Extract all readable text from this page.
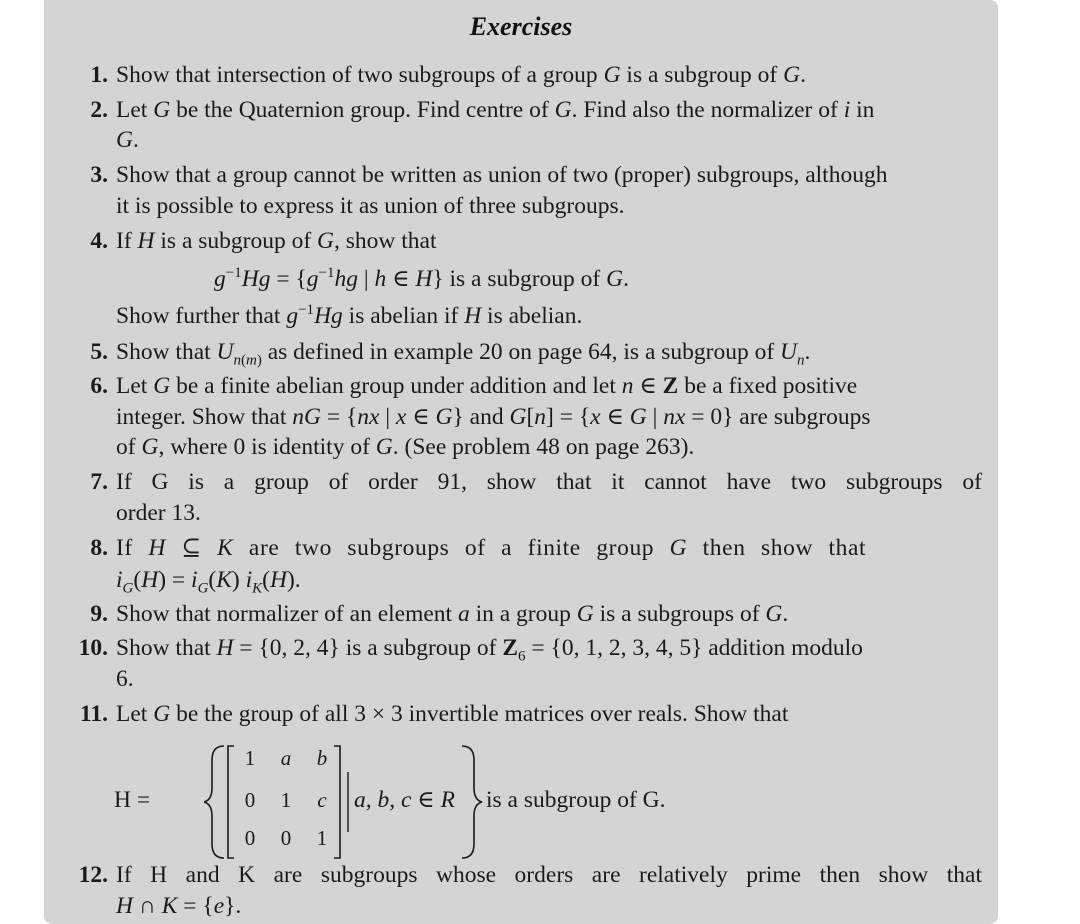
Exercises
1. Show that intersection of two subgroups of a group G is a subgroup of G.
2. Let G be the Quaternion group. Find centre of G. Find also the normalizer of i in
G.
3. Show that a group cannot be written as union of two (proper) subgroups, although
it is possible to express it as union of three subgroups.
4. If H is a subgroup of G, show that
$g^{-1}Hg = \{g^{-1}hg$ | h ∈ H} is a subgroup of G.
Show further that $g^{-1}Hg$ is abelian if H is abelian.
5. Show that $U_{n(m)}$ as defined in example 20 on page 64, is a subgroup of $U_n$.
6. Let G be a finite abelian group under addition and let n ∈ Z be a fixed positive
integer. Show that nG = {nx | x ∈ G} and G[n] = {x ∈ G | nx = 0} are subgroups
of G, where 0 is identity of G. (See problem 48 on page 263).
7. If G is a group of order 91, show that it cannot have two subgroups of
order 13.
8. If H ⊆ K are two subgroups of a finite group G then show that
$i_G(H) = i_G(K)$ $i_K(H)$.
9. Show that normalizer of an element a in a group G is a subgroups of G.
10. Show that H = {0, 2, 4} is a subgroup of $Z_6 = \{0$, 1, 2, 3, 4, 5} addition modulo
6.
11. Let G be the group of all 3 × 3 invertible matrices over reals. Show that
H =
1	a	b
0	1	c
0	0	1
a, b, c ∈ R is a subgroup of G.
12. If H and K are subgroups whose orders are relatively prime then show that
H ∩ K = {e}.
